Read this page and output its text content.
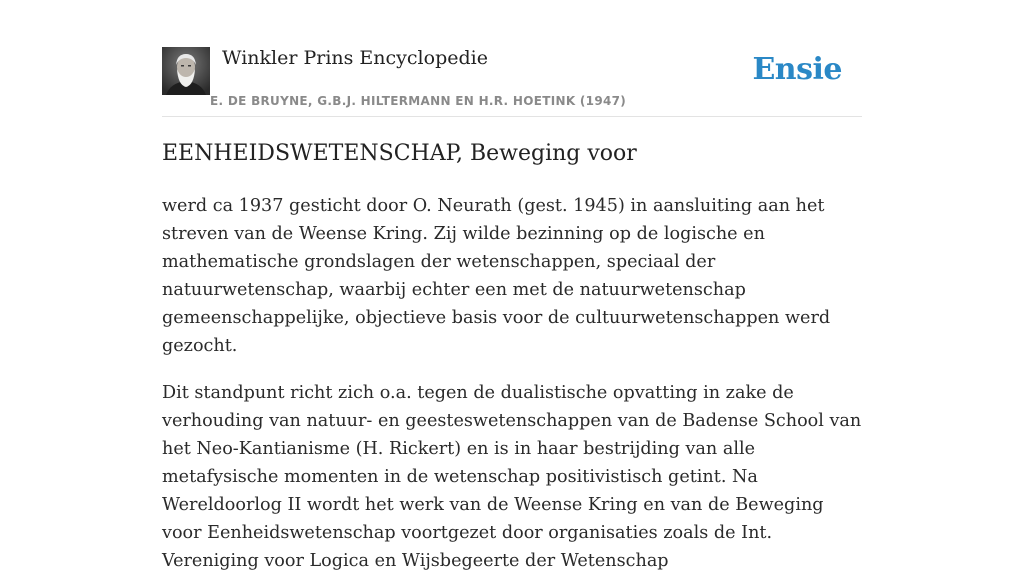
Winkler Prins Encyclopedie
E. DE BRUYNE, G.B.J. HILTERMANN EN H.R. HOETINK (1947)
Ensie
EENHEIDSWETENSCHAP, Beweging voor

werd ca 1937 gesticht door O. Neurath (gest. 1945) in aansluiting aan het streven van de Weense Kring. Zij wilde bezinning op de logische en mathematische grondslagen der wetenschappen, speciaal der natuurwetenschap, waarbij echter een met de natuurwetenschap gemeenschappelijke, objectieve basis voor de cultuurwetenschappen werd gezocht.

Dit standpunt richt zich o.a. tegen de dualistische opvatting in zake de verhouding van natuur- en geesteswetenschappen van de Badense School van het Neo-Kantianisme (H. Rickert) en is in haar bestrijding van alle metafysische momenten in de wetenschap positivistisch getint. Na Wereldoorlog II wordt het werk van de Weense Kring en van de Beweging voor Eenheidswetenschap voortgezet door organisaties zoals de Int. Vereniging voor Logica en Wijsbegeerte der Wetenschap
